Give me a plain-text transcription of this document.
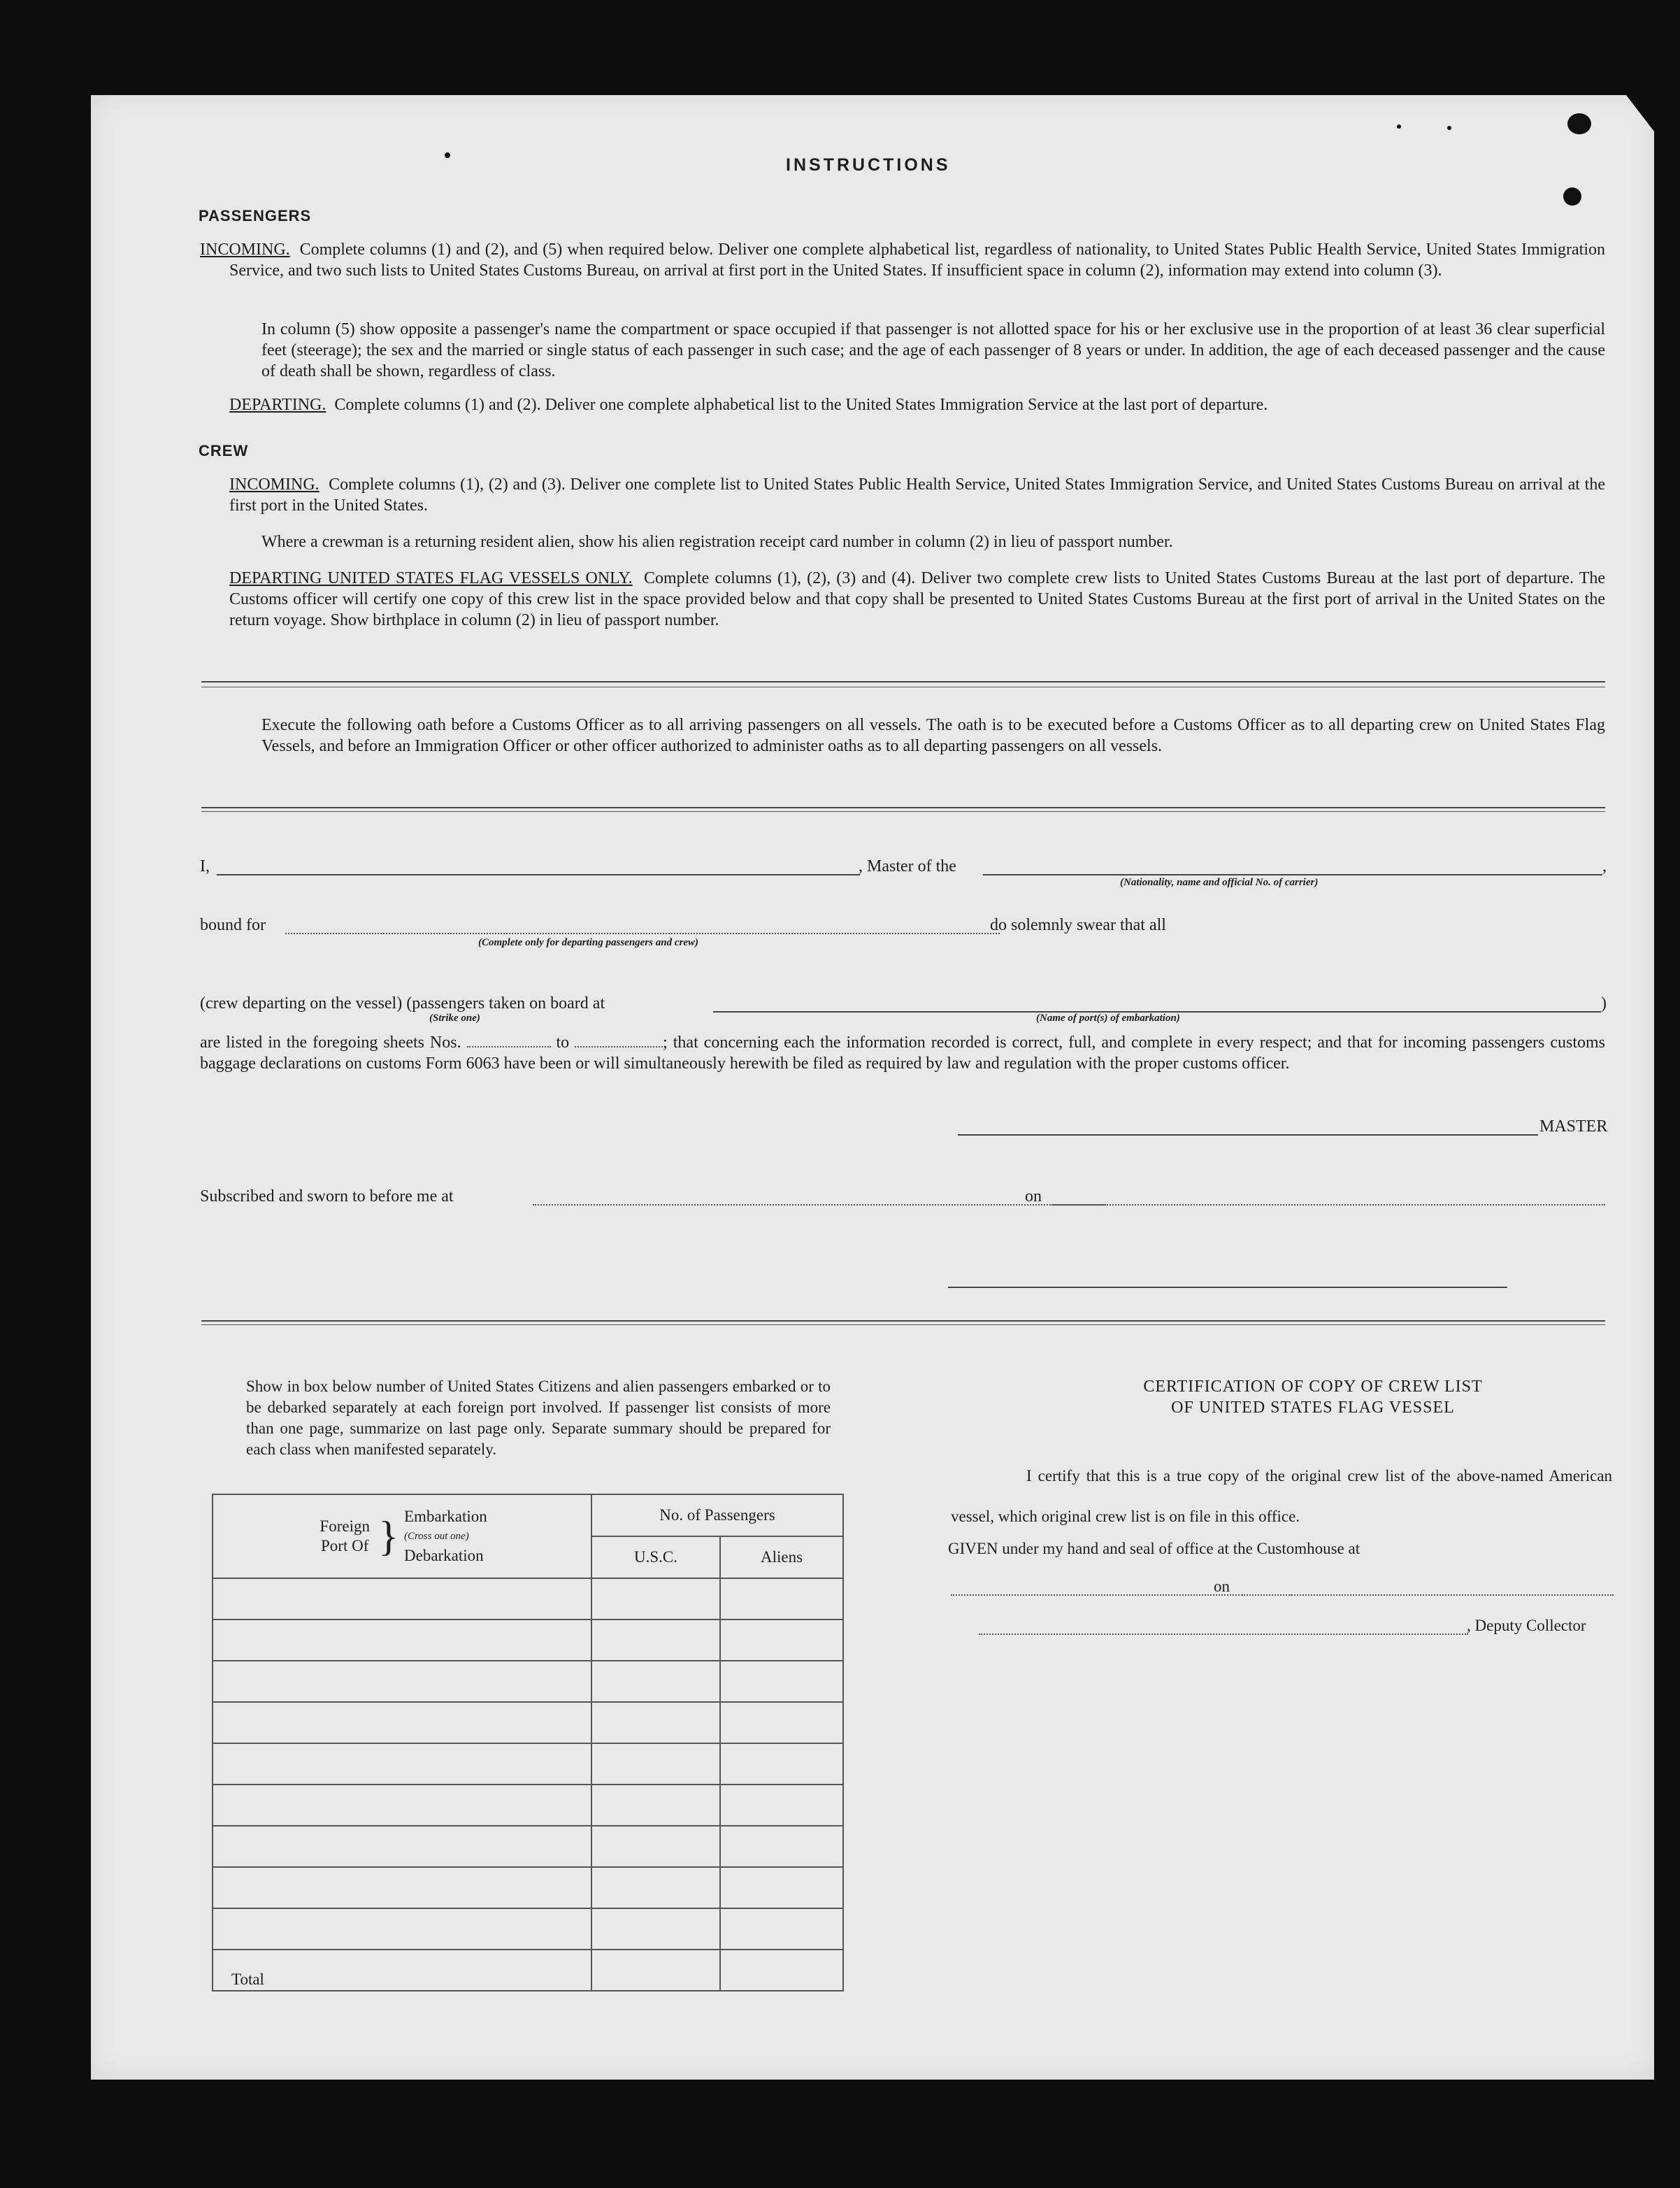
INSTRUCTIONS
PASSENGERS
INCOMING. Complete columns (1) and (2), and (5) when required below. Deliver one complete alphabetical list, regardless of nationality, to United States Public Health Service, United States Immigration Service, and two such lists to United States Customs Bureau, on arrival at first port in the United States. If insufficient space in column (2), information may extend into column (3).
In column (5) show opposite a passenger's name the compartment or space occupied if that passenger is not allotted space for his or her exclusive use in the proportion of at least 36 clear superficial feet (steerage); the sex and the married or single status of each passenger in such case; and the age of each passenger of 8 years or under. In addition, the age of each deceased passenger and the cause of death shall be shown, regardless of class.
DEPARTING. Complete columns (1) and (2). Deliver one complete alphabetical list to the United States Immigration Service at the last port of departure.
CREW
INCOMING. Complete columns (1), (2) and (3). Deliver one complete list to United States Public Health Service, United States Immigration Service, and United States Customs Bureau on arrival at the first port in the United States.
Where a crewman is a returning resident alien, show his alien registration receipt card number in column (2) in lieu of passport number.
DEPARTING UNITED STATES FLAG VESSELS ONLY. Complete columns (1), (2), (3) and (4). Deliver two complete crew lists to United States Customs Bureau at the last port of departure. The Customs officer will certify one copy of this crew list in the space provided below and that copy shall be presented to United States Customs Bureau at the first port of arrival in the United States on the return voyage. Show birthplace in column (2) in lieu of passport number.
Execute the following oath before a Customs Officer as to all arriving passengers on all vessels. The oath is to be executed before a Customs Officer as to all departing crew on United States Flag Vessels, and before an Immigration Officer or other officer authorized to administer oaths as to all departing passengers on all vessels.
I,	, Master of the	,
(Nationality, name and official No. of carrier)
bound for	do solemnly swear that all
(Complete only for departing passengers and crew)
(crew departing on the vessel) (passengers taken on board at	)
(Strike one)	(Name of port(s) of embarkation)
are listed in the foregoing sheets Nos.	to	; that concerning each the information recorded is correct, full, and complete in every respect; and that for incoming passengers customs baggage declarations on customs Form 6063 have been or will simultaneously herewith be filed as required by law and regulation with the proper customs officer.
MASTER
Subscribed and sworn to before me at	on
Show in box below number of United States Citizens and alien passengers embarked or to be debarked separately at each foreign port involved. If passenger list consists of more than one page, summarize on last page only. Separate summary should be prepared for each class when manifested separately.
Foreign Port Of } Embarkation
(Cross out one)
Debarkation	No. of Passengers	
	U.S.C.	Aliens

Total		
CERTIFICATION OF COPY OF CREW LIST
OF UNITED STATES FLAG VESSEL
I certify that this is a true copy of the original crew list of the above-named American vessel, which original crew list is on file in this office.
GIVEN under my hand and seal of office at the Customhouse at
on
, Deputy Collector
